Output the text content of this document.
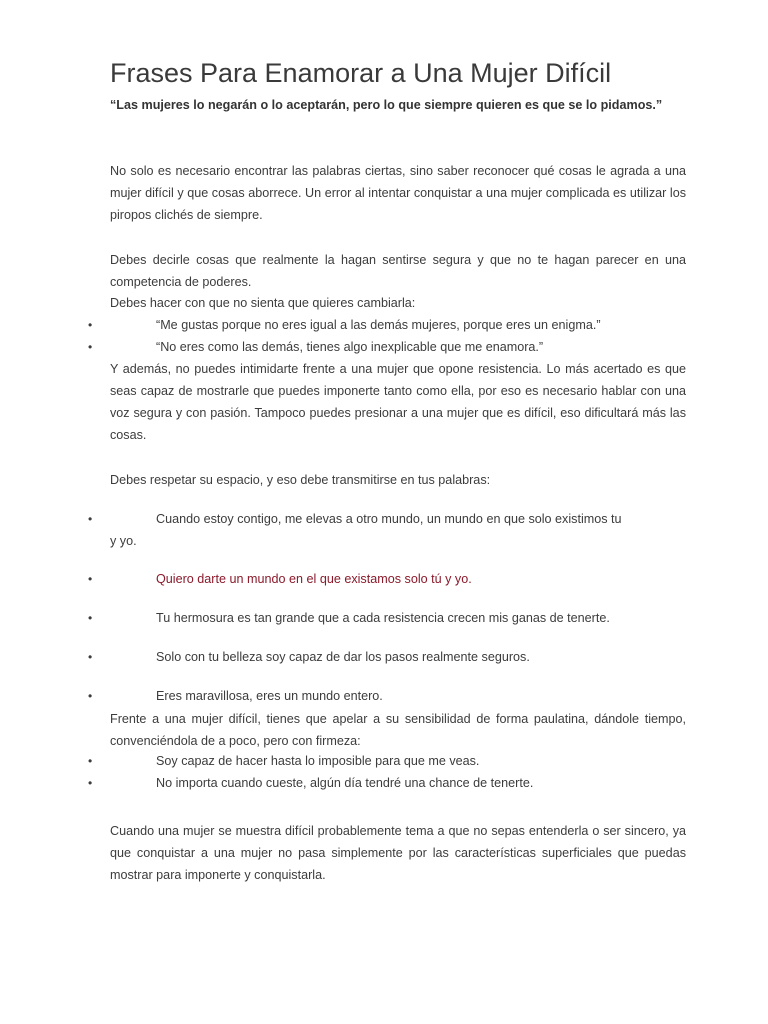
Frases Para Enamorar a Una Mujer Difícil
“Las mujeres lo negarán o lo aceptarán, pero lo que siempre quieren es que se lo pidamos.”

No solo es necesario encontrar las palabras ciertas, sino saber reconocer qué cosas le agrada a una mujer difícil y que cosas aborrece. Un error al intentar conquistar a una mujer complicada es utilizar los piropos clichés de siempre.

Debes decirle cosas que realmente la hagan sentirse segura y que no te hagan parecer en una competencia de poderes.

Debes hacer con que no sienta que quieres cambiarla:

•	“Me gustas porque no eres igual a las demás mujeres, porque eres un enigma.”
•	“No eres como las demás, tienes algo inexplicable que me enamora.”

Y además, no puedes intimidarte frente a una mujer que opone resistencia. Lo más acertado es que seas capaz de mostrarle que puedes imponerte tanto como ella, por eso es necesario hablar con una voz segura y con pasión. Tampoco puedes presionar a una mujer que es difícil, eso dificultará más las cosas.

Debes respetar su espacio, y eso debe transmitirse en tus palabras:

•	Cuando estoy contigo, me elevas a otro mundo, un mundo en que solo existimos tu
y yo.
•	Quiero darte un mundo en el que existamos solo tú y yo.
•	Tu hermosura es tan grande que a cada resistencia crecen mis ganas de tenerte.
•	Solo con tu belleza soy capaz de dar los pasos realmente seguros.
•	Eres maravillosa, eres un mundo entero.

Frente a una mujer difícil, tienes que apelar a su sensibilidad de forma paulatina, dándole tiempo, convenciéndola de a poco, pero con firmeza:

•	Soy capaz de hacer hasta lo imposible para que me veas.
•	No importa cuando cueste, algún día tendré una chance de tenerte.

Cuando una mujer se muestra difícil probablemente tema a que no sepas entenderla o ser sincero, ya que conquistar a una mujer no pasa simplemente por las características superficiales que puedas mostrar para imponerte y conquistarla.
